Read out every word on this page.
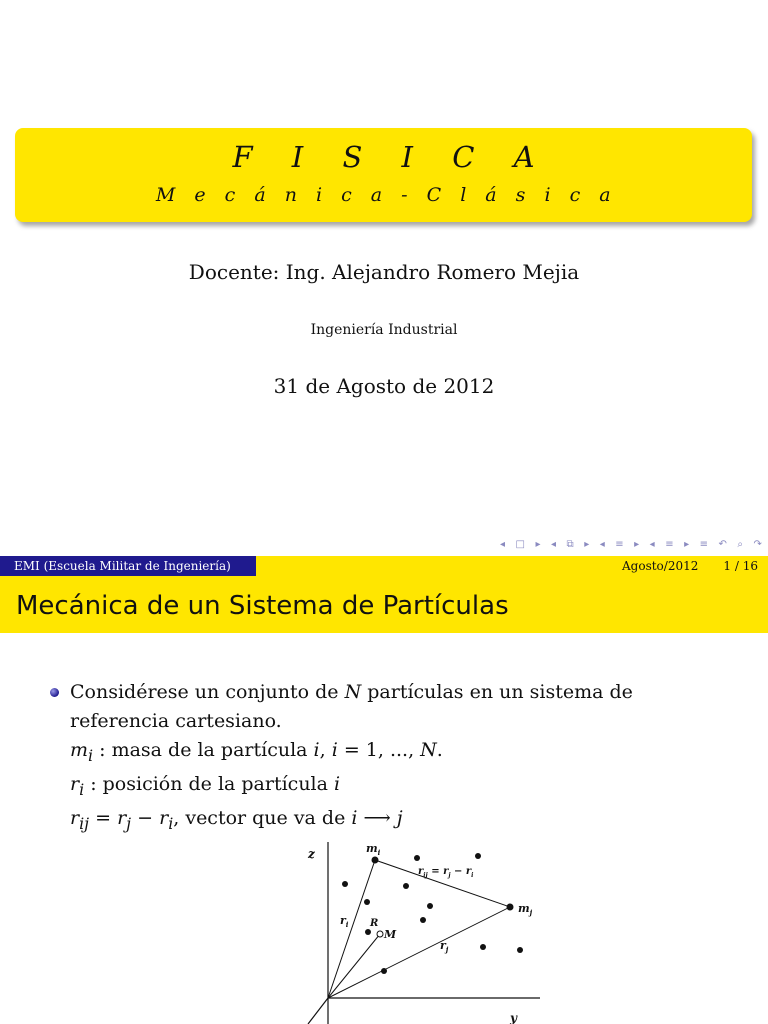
F I S I C A
M e c á n i c a - C l á s i c a
Docente: Ing. Alejandro Romero Mejia
Ingeniería Industrial
31 de Agosto de 2012
◂ □ ▸ ◂ ⧉ ▸ ◂ ≡ ▸ ◂ ≡ ▸ ≡ ↶ ⌕ ↷
EMI (Escuela Militar de Ingeniería)	Agosto/2012 1 / 16
Mecánica de un Sistema de Partículas
Considérese un conjunto de N partículas en un sistema de
referencia cartesiano.
$m_i$ : masa de la partícula i, i = 1, ..., N.
$r_i$ : posición de la partícula i
$r_{ij} = r_j - r_i$, vector que va de i ⟶ j
z
y
$m_i$
$m_j$
$r_i$
$r_j$
R
M
$r_{ij} = r_j - r_i$
